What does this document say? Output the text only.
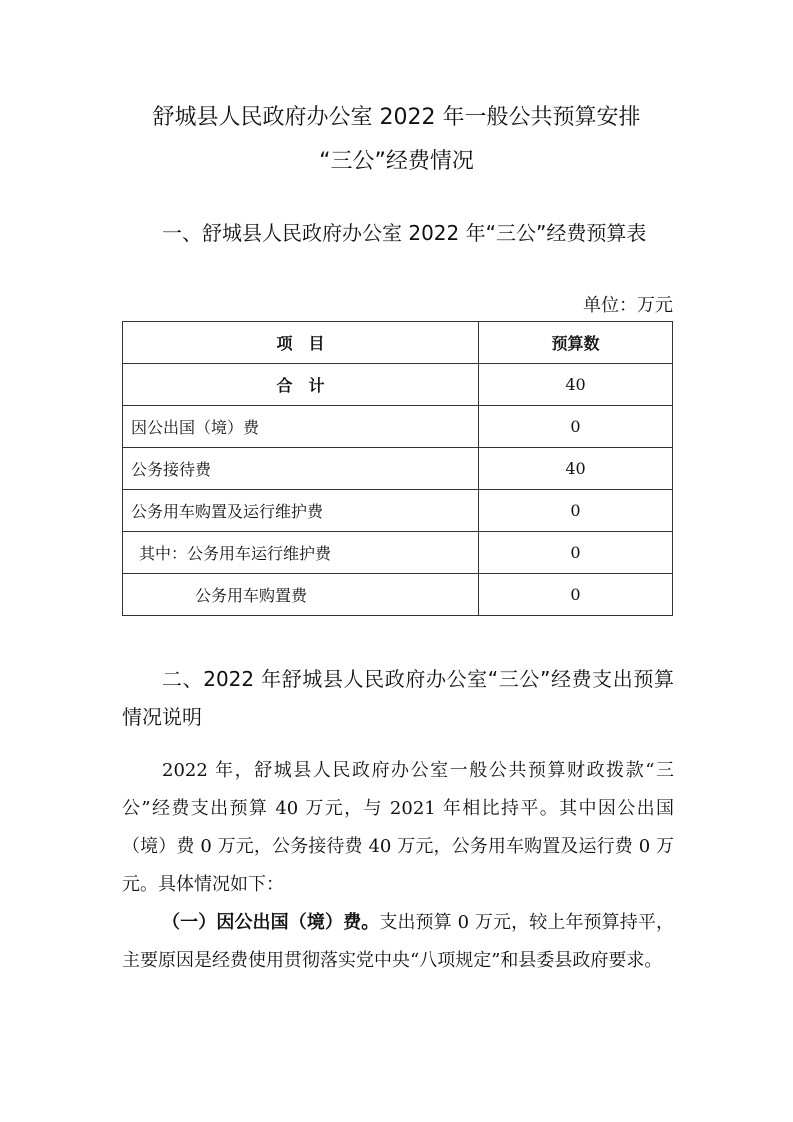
舒城县人民政府办公室 2022 年一般公共预算安排
“三公”经费情况
一、舒城县人民政府办公室 2022 年“三公”经费预算表
单位：万元
项　目	预算数
合　计	40
因公出国（境）费	0
公务接待费	40
公务用车购置及运行维护费	0
其中：公务用车运行维护费	0
公务用车购置费	0
二、2022 年舒城县人民政府办公室“三公”经费支出预算情况说明

2022 年，舒城县人民政府办公室一般公共预算财政拨款“三公”经费支出预算 40 万元，与 2021 年相比持平。其中因公出国（境）费 0 万元，公务接待费 40 万元，公务用车购置及运行费 0 万元。具体情况如下：

（一）因公出国（境）费。支出预算 0 万元，较上年预算持平，主要原因是经费使用贯彻落实党中央“八项规定”和县委县政府要求。
